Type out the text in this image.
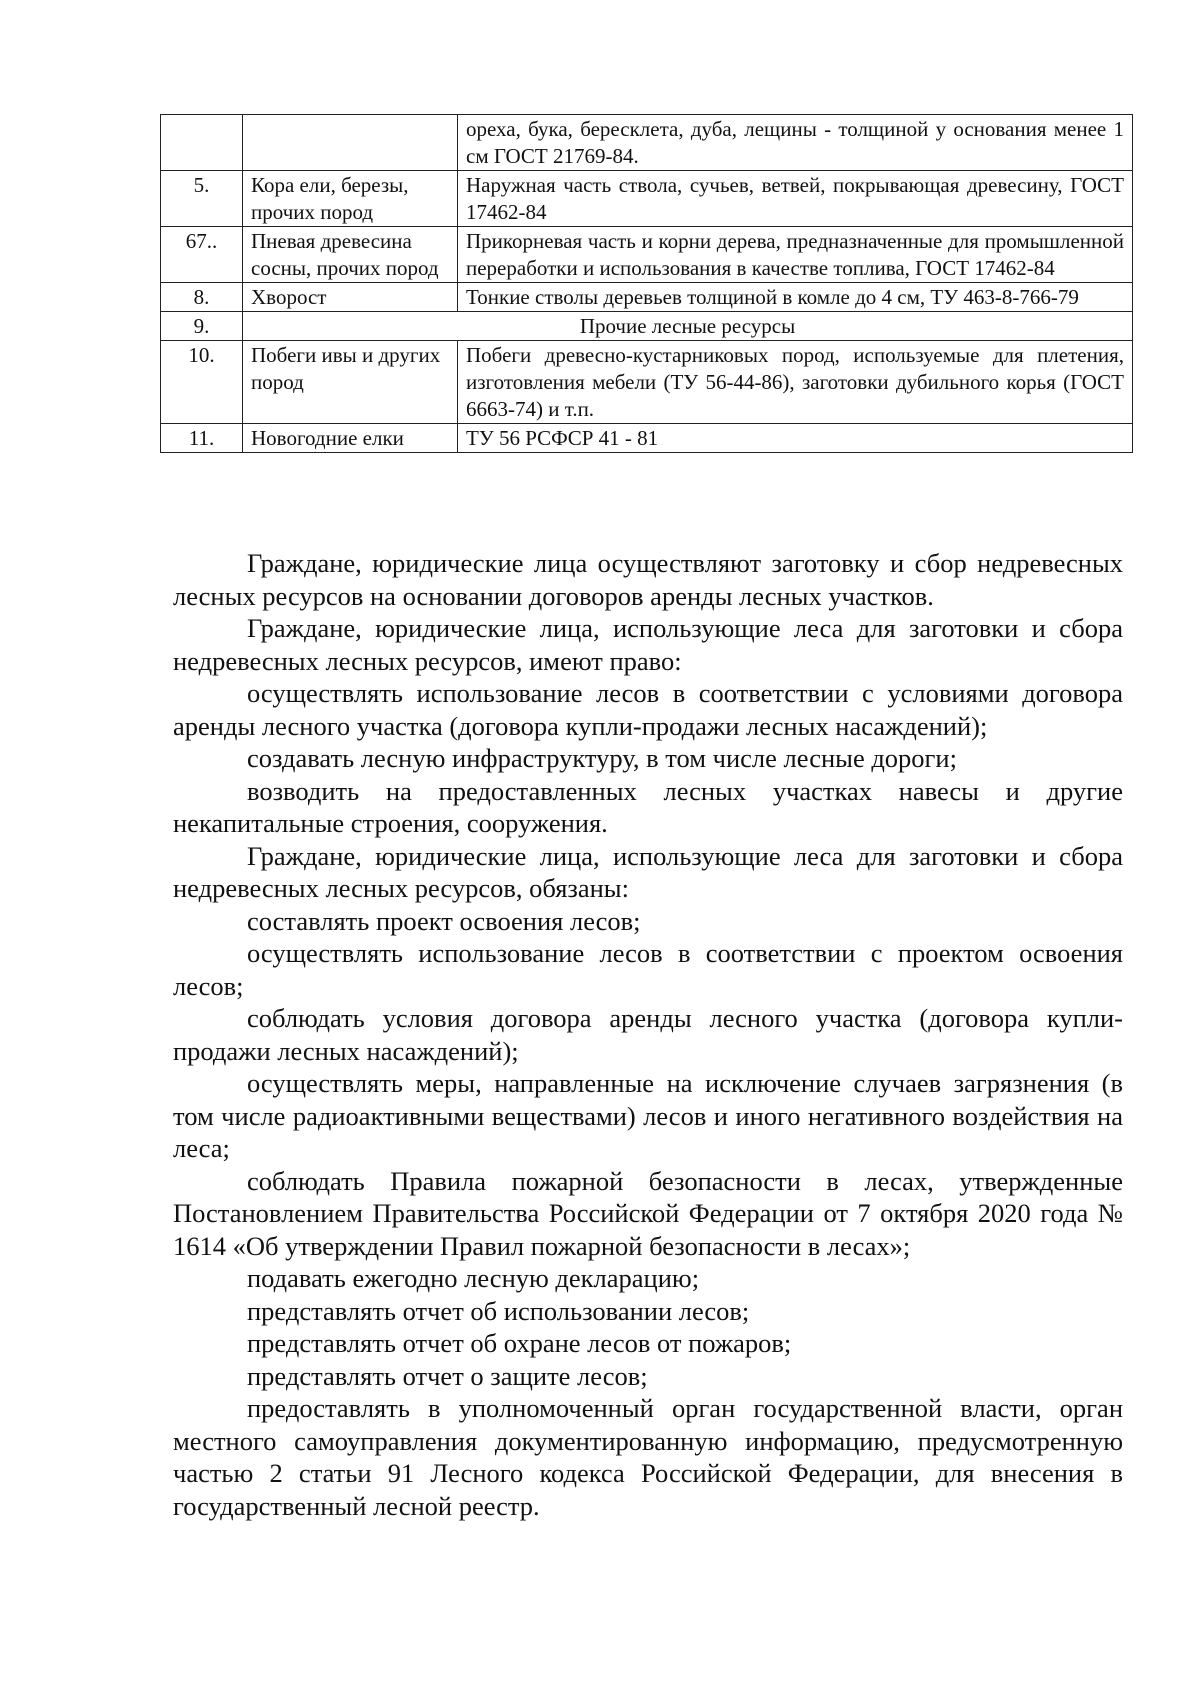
		ореха, бука, бересклета, дуба, лещины - толщиной у основания менее 1 см ГОСТ 21769-84.
5.	Кора ели, березы, прочих пород	Наружная часть ствола, сучьев, ветвей, покрывающая древесину, ГОСТ 17462-84
67..	Пневая древесина сосны, прочих пород	Прикорневая часть и корни дерева, предназначенные для промышленной переработки и использования в качестве топлива, ГОСТ 17462-84
8.	Хворост	Тонкие стволы деревьев толщиной в комле до 4 см, ТУ 463-8-766-79
9.	Прочие лесные ресурсы	
10.	Побеги ивы и других пород	Побеги древесно-кустарниковых пород, используемые для плетения, изготовления мебели (ТУ 56-44-86), заготовки дубильного корья (ГОСТ 6663-74) и т.п.
11.	Новогодние елки	ТУ 56 РСФСР 41 - 81

Граждане, юридические лица осуществляют заготовку и сбор недревесных лесных ресурсов на основании договоров аренды лесных участков.

Граждане, юридические лица, использующие леса для заготовки и сбора недревесных лесных ресурсов, имеют право:

осуществлять использование лесов в соответствии с условиями договора аренды лесного участка (договора купли-продажи лесных насаждений);

создавать лесную инфраструктуру, в том числе лесные дороги;

возводить на предоставленных лесных участках навесы и другие некапитальные строения, сооружения.

Граждане, юридические лица, использующие леса для заготовки и сбора недревесных лесных ресурсов, обязаны:

составлять проект освоения лесов;

осуществлять использование лесов в соответствии с проектом освоения лесов;

соблюдать условия договора аренды лесного участка (договора купли-продажи лесных насаждений);

осуществлять меры, направленные на исключение случаев загрязнения (в том числе радиоактивными веществами) лесов и иного негативного воздействия на леса;

соблюдать Правила пожарной безопасности в лесах, утвержденные Постановлением Правительства Российской Федерации от 7 октября 2020 года № 1614 «Об утверждении Правил пожарной безопасности в лесах»;

подавать ежегодно лесную декларацию;

представлять отчет об использовании лесов;

представлять отчет об охране лесов от пожаров;

представлять отчет о защите лесов;

предоставлять в уполномоченный орган государственной власти, орган местного самоуправления документированную информацию, предусмотренную частью 2 статьи 91 Лесного кодекса Российской Федерации, для внесения в государственный лесной реестр.
